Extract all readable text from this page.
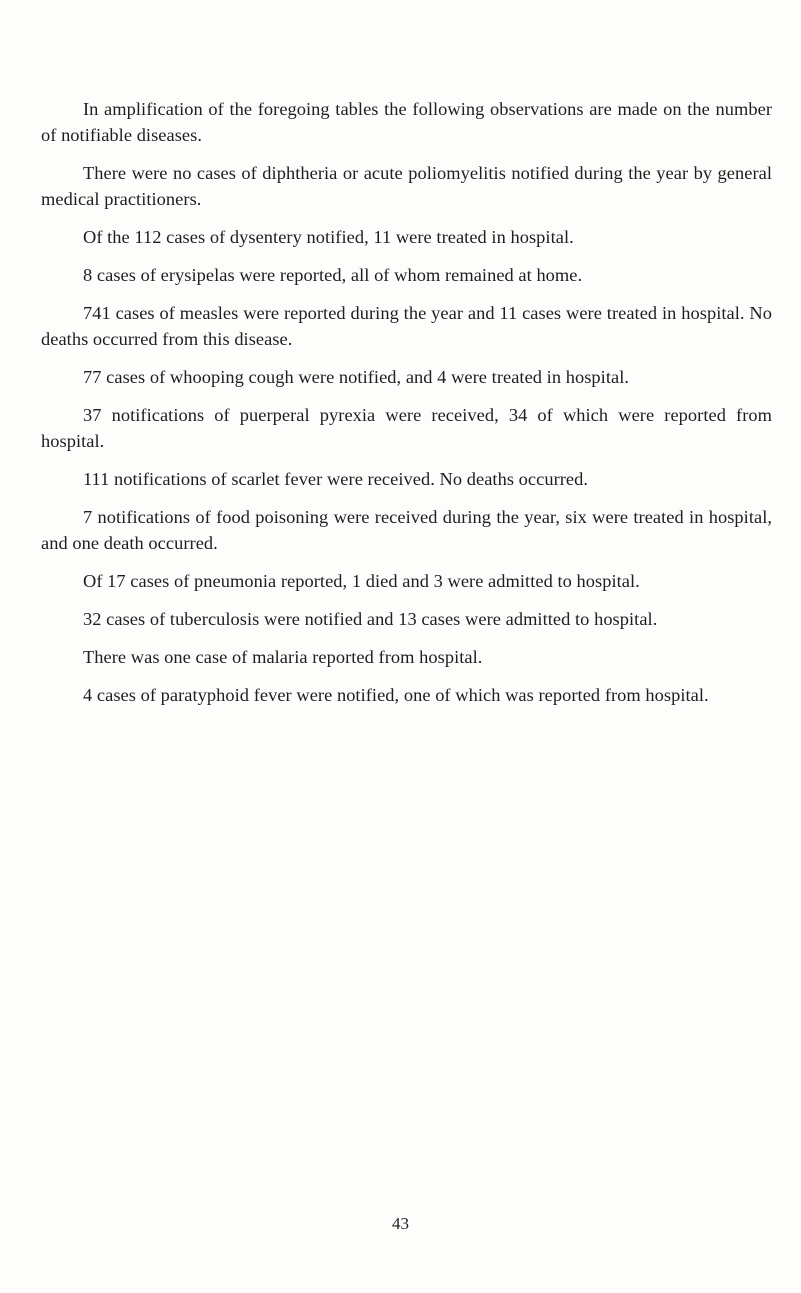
In amplification of the foregoing tables the following observations are made on the number of notifiable diseases.

There were no cases of diphtheria or acute poliomyelitis notified during the year by general medical practitioners.

Of the 112 cases of dysentery notified, 11 were treated in hospital.

8 cases of erysipelas were reported, all of whom remained at home.

741 cases of measles were reported during the year and 11 cases were treated in hospital. No deaths occurred from this disease.

77 cases of whooping cough were notified, and 4 were treated in hospital.

37 notifications of puerperal pyrexia were received, 34 of which were reported from hospital.

111 notifications of scarlet fever were received. No deaths occurred.

7 notifications of food poisoning were received during the year, six were treated in hospital, and one death occurred.

Of 17 cases of pneumonia reported, 1 died and 3 were admitted to hospital.

32 cases of tuberculosis were notified and 13 cases were admitted to hospital.

There was one case of malaria reported from hospital.

4 cases of paratyphoid fever were notified, one of which was reported from hospital.

43
